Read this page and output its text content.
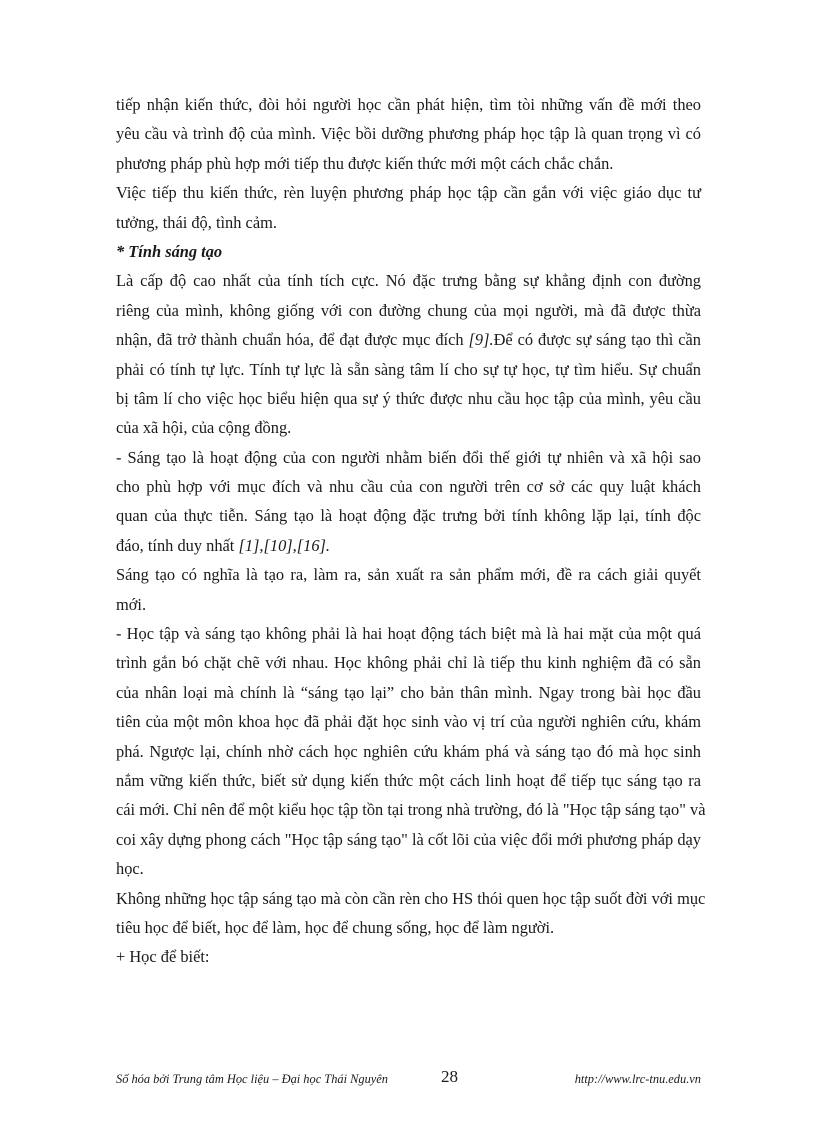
tiếp nhận kiến thức, đòi hỏi người học cần phát hiện, tìm tòi những vấn đề mới theo
yêu cầu và trình độ của mình. Việc bồi dưỡng phương pháp học tập là quan trọng vì có
phương pháp phù hợp mới tiếp thu được kiến thức mới một cách chắc chắn.
Việc tiếp thu kiến thức, rèn luyện phương pháp học tập cần gắn với việc giáo dục tư
tưởng, thái độ, tình cảm.
* Tính sáng tạo
Là cấp độ cao nhất của tính tích cực. Nó đặc trưng bằng sự khẳng định con đường
riêng của mình, không giống với con đường chung của mọi người, mà đã được thừa
nhận, đã trở thành chuẩn hóa, để đạt được mục đích [9].Để có được sự sáng tạo thì cần
phải có tính tự lực. Tính tự lực là sẵn sàng tâm lí cho sự tự học, tự tìm hiểu. Sự chuẩn
bị tâm lí cho việc học biểu hiện qua sự ý thức được nhu cầu học tập của mình, yêu cầu
của xã hội, của cộng đồng.
- Sáng tạo là hoạt động của con người nhằm biến đổi thế giới tự nhiên và xã hội sao
cho phù hợp với mục đích và nhu cầu của con người trên cơ sở các quy luật khách
quan của thực tiễn. Sáng tạo là hoạt động đặc trưng bởi tính không lặp lại, tính độc
đáo, tính duy nhất [1],[10],[16].
Sáng tạo có nghĩa là tạo ra, làm ra, sản xuất ra sản phẩm mới, đề ra cách giải quyết
mới.
- Học tập và sáng tạo không phải là hai hoạt động tách biệt mà là hai mặt của một quá
trình gắn bó chặt chẽ với nhau. Học không phải chỉ là tiếp thu kinh nghiệm đã có sẵn
của nhân loại mà chính là “sáng tạo lại” cho bản thân mình. Ngay trong bài học đầu
tiên của một môn khoa học đã phải đặt học sinh vào vị trí của người nghiên cứu, khám
phá. Ngược lại, chính nhờ cách học nghiên cứu khám phá và sáng tạo đó mà học sinh
nắm vững kiến thức, biết sử dụng kiến thức một cách linh hoạt để tiếp tục sáng tạo ra
cái mới. Chỉ nên để một kiểu học tập tồn tại trong nhà trường, đó là "Học tập sáng tạo" và
coi xây dựng phong cách "Học tập sáng tạo" là cốt lõi của việc đổi mới phương pháp dạy
học.
Không những học tập sáng tạo mà còn cần rèn cho HS thói quen học tập suốt đời với mục
tiêu học để biết, học để làm, học để chung sống, học để làm người.
+ Học để biết:
Số hóa bởi Trung tâm Học liệu – Đại học Thái Nguyên	28	http://www.lrc-tnu.edu.vn
